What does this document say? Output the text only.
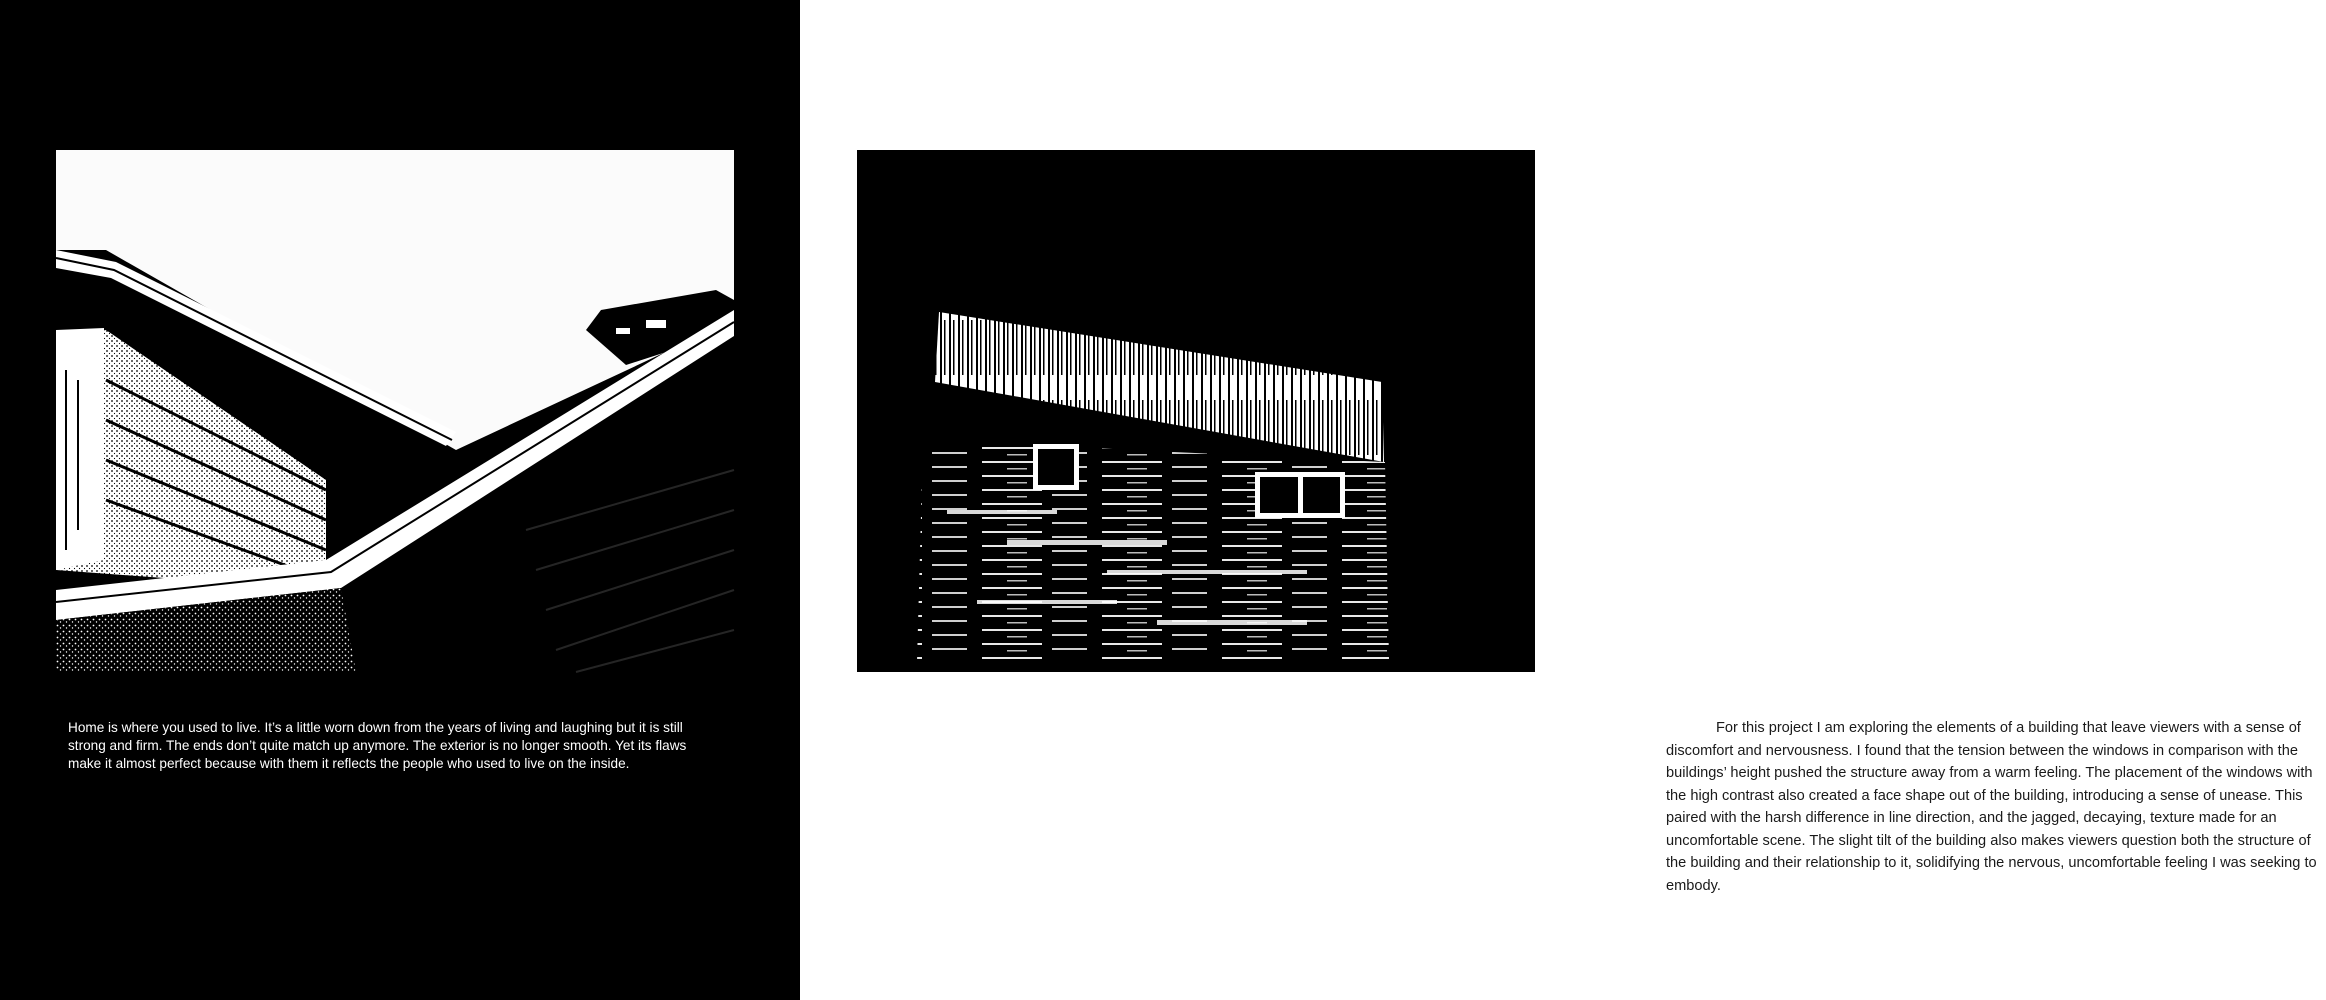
Home is where you used to live. It’s a little worn down from the years of living and laughing but it is still strong and firm. The ends don’t quite match up anymore. The exterior is no longer smooth. Yet its flaws make it almost perfect because with them it reflects the people who used to live on the inside.

For this project I am exploring the elements of a building that leave viewers with a sense of discomfort and nervousness. I found that the tension between the windows in comparison with the buildings’ height pushed the structure away from a warm feeling. The placement of the windows with the high contrast also created a face shape out of the building, introducing a sense of unease. This paired with the harsh difference in line direction, and the jagged, decaying, texture made for an uncomfortable scene. The slight tilt of the building also makes viewers question both the structure of the building and their relationship to it, solidifying the nervous, uncomfortable feeling I was seeking to embody.
